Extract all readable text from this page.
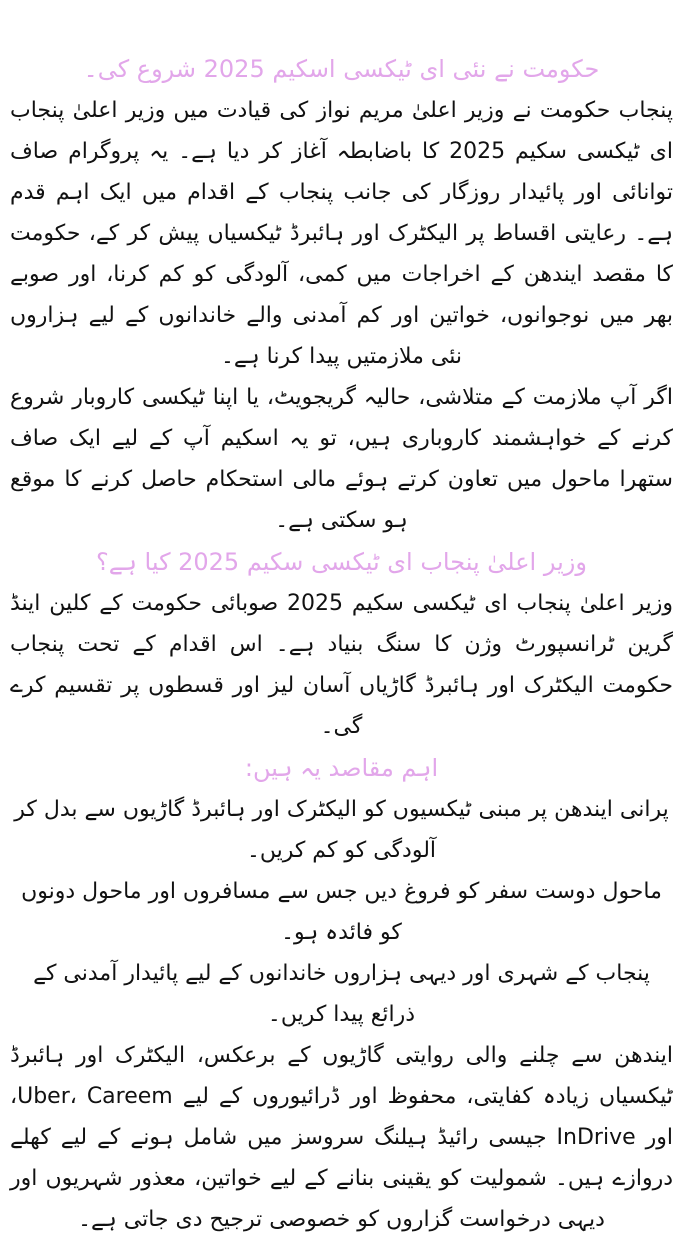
حکومت نے نئی ای ٹیکسی اسکیم 2025 شروع کی۔

پنجاب حکومت نے وزیر اعلیٰ مریم نواز کی قیادت میں وزیر اعلیٰ پنجاب ای ٹیکسی سکیم 2025 کا باضابطہ آغاز کر دیا ہے۔ یہ پروگرام صاف توانائی اور پائیدار روزگار کی جانب پنجاب کے اقدام میں ایک اہم قدم ہے۔ رعایتی اقساط پر الیکٹرک اور ہائبرڈ ٹیکسیاں پیش کر کے، حکومت کا مقصد ایندھن کے اخراجات میں کمی، آلودگی کو کم کرنا، اور صوبے بھر میں نوجوانوں، خواتین اور کم آمدنی والے خاندانوں کے لیے ہزاروں نئی ملازمتیں پیدا کرنا ہے۔

اگر آپ ملازمت کے متلاشی، حالیہ گریجویٹ، یا اپنا ٹیکسی کاروبار شروع کرنے کے خواہشمند کاروباری ہیں، تو یہ اسکیم آپ کے لیے ایک صاف ستھرا ماحول میں تعاون کرتے ہوئے مالی استحکام حاصل کرنے کا موقع ہو سکتی ہے۔

وزیر اعلیٰ پنجاب ای ٹیکسی سکیم 2025 کیا ہے؟

وزیر اعلیٰ پنجاب ای ٹیکسی سکیم 2025 صوبائی حکومت کے کلین اینڈ گرین ٹرانسپورٹ وژن کا سنگ بنیاد ہے۔ اس اقدام کے تحت پنجاب حکومت الیکٹرک اور ہائبرڈ گاڑیاں آسان لیز اور قسطوں پر تقسیم کرے گی۔

اہم مقاصد یہ ہیں:
پرانی ایندھن پر مبنی ٹیکسیوں کو الیکٹرک اور ہائبرڈ گاڑیوں سے بدل کر آلودگی کو کم کریں۔
ماحول دوست سفر کو فروغ دیں جس سے مسافروں اور ماحول دونوں کو فائدہ ہو۔
پنجاب کے شہری اور دیہی ہزاروں خاندانوں کے لیے پائیدار آمدنی کے ذرائع پیدا کریں۔
ایندھن سے چلنے والی روایتی گاڑیوں کے برعکس، الیکٹرک اور ہائبرڈ ٹیکسیاں زیادہ کفایتی، محفوظ اور ڈرائیوروں کے لیے Uber، Careem، اور InDrive جیسی رائیڈ ہیلنگ سروسز میں شامل ہونے کے لیے کھلے دروازے ہیں۔ شمولیت کو یقینی بنانے کے لیے خواتین، معذور شہریوں اور دیہی درخواست گزاروں کو خصوصی ترجیح دی جاتی ہے۔
